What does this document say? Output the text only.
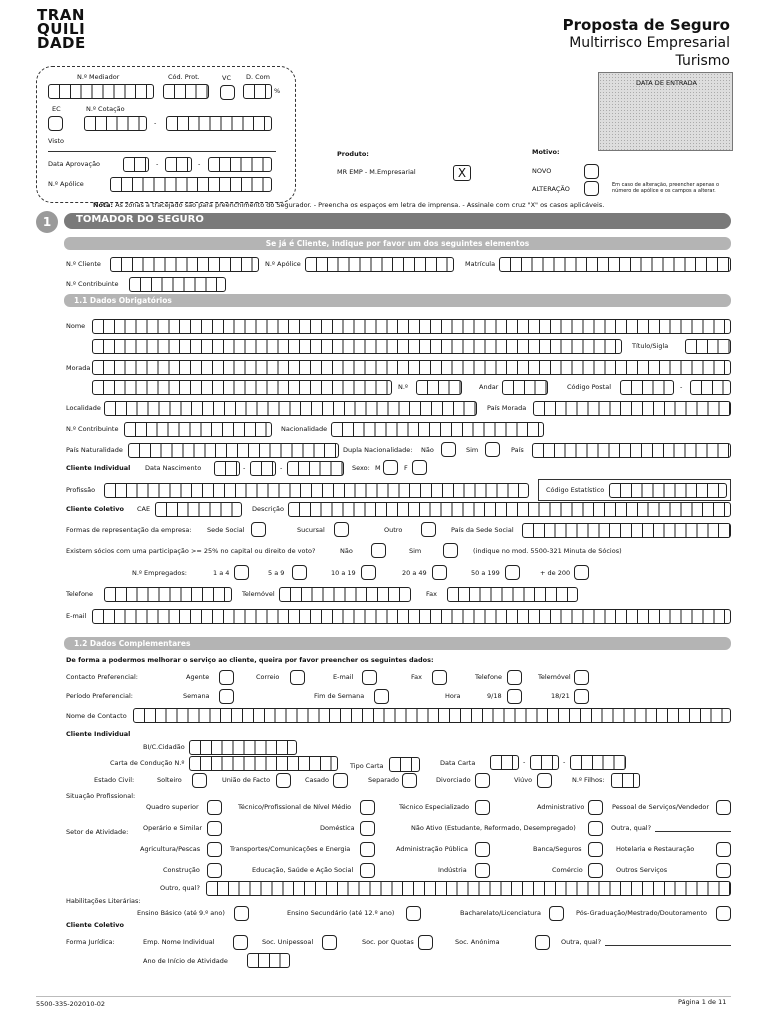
TRAN
QUILI
DADE
Proposta de Seguro
Multirrisco Empresarial
Turismo
N.º Mediador	Cód. Prot.	VC D. Com
%
EC	N.º Cotação
-
Visto
Data Aprovação	-	-
N.º Apólice
DATA DE ENTRADA
Produto:
MR EMP - M.Empresarial	X
Motivo:
NOVO
ALTERAÇÃO	Em caso de alteração, preencher apenas o número de apólice e os campos a alterar.
Nota: As zonas a tracejado são para preenchimento do Segurador. - Preencha os espaços em letra de imprensa. - Assinale com cruz "X" os casos aplicáveis.
1	TOMADOR DO SEGURO
Se já é Cliente, indique por favor um dos seguintes elementos
N.º Cliente	N.º Apólice	Matrícula
N.º Contribuinte
1.1 Dados Obrigatórios
Nome
Título/Sigla
Morada
N.º	Andar	Código Postal	-
Localidade	País Morada
N.º Contribuinte	Nacionalidade
País Naturalidade	Dupla Nacionalidade: Não	Sim	País
Cliente Individual Data Nascimento	-	-	Sexo: M	F
Profissão	Código Estatístico
Cliente Coletivo CAE	Descrição
Formas de representação da empresa: Sede Social	Sucursal	Outro	País da Sede Social
Existem sócios com uma participação >= 25% no capital ou direito de voto?	Não	Sim	(indique no mod. 5500-321 Minuta de Sócios)
N.º Empregados:	1 a 4	5 a 9	10 a 19	20 a 49	50 a 199	+ de 200
Telefone	Telemóvel	Fax
E-mail
1.2 Dados Complementares
De forma a podermos melhorar o serviço ao cliente, queira por favor preencher os seguintes dados:
Contacto Preferencial:	Agente	Correio	E-mail	Fax	Telefone	Telemóvel
Período Preferencial:	Semana	Fim de Semana	Hora	9/18	18/21
Nome de Contacto
Cliente Individual
BI/C.Cidadão
Carta de Condução N.º	Tipo Carta	Data Carta	-	-
Estado Civil:	Solteiro	União de Facto	Casado	Separado	Divorciado	Viúvo	N.º Filhos:
Situação Profissional:
Quadro superior	Técnico/Profissional de Nível Médio	Técnico Especializado	Administrativo	Pessoal de Serviços/Vendedor
Operário e Similar	Doméstica	Não Ativo (Estudante, Reformado, Desempregado)	Outra, qual?
Setor de Atividade:
Agricultura/Pescas	Transportes/Comunicações e Energia	Administração Pública	Banca/Seguros	Hotelaria e Restauração
Construção	Educação, Saúde e Ação Social	Indústria	Comércio	Outros Serviços
Outro, qual?
Habilitações Literárias:
Ensino Básico (até 9.º ano)	Ensino Secundário (até 12.º ano)	Bacharelato/Licenciatura	Pós-Graduação/Mestrado/Doutoramento
Cliente Coletivo
Forma Jurídica:	Emp. Nome Individual	Soc. Unipessoal	Soc. por Quotas	Soc. Anónima	Outra, qual?
Ano de Início de Atividade
5500-335-202010-02	Página 1 de 11
